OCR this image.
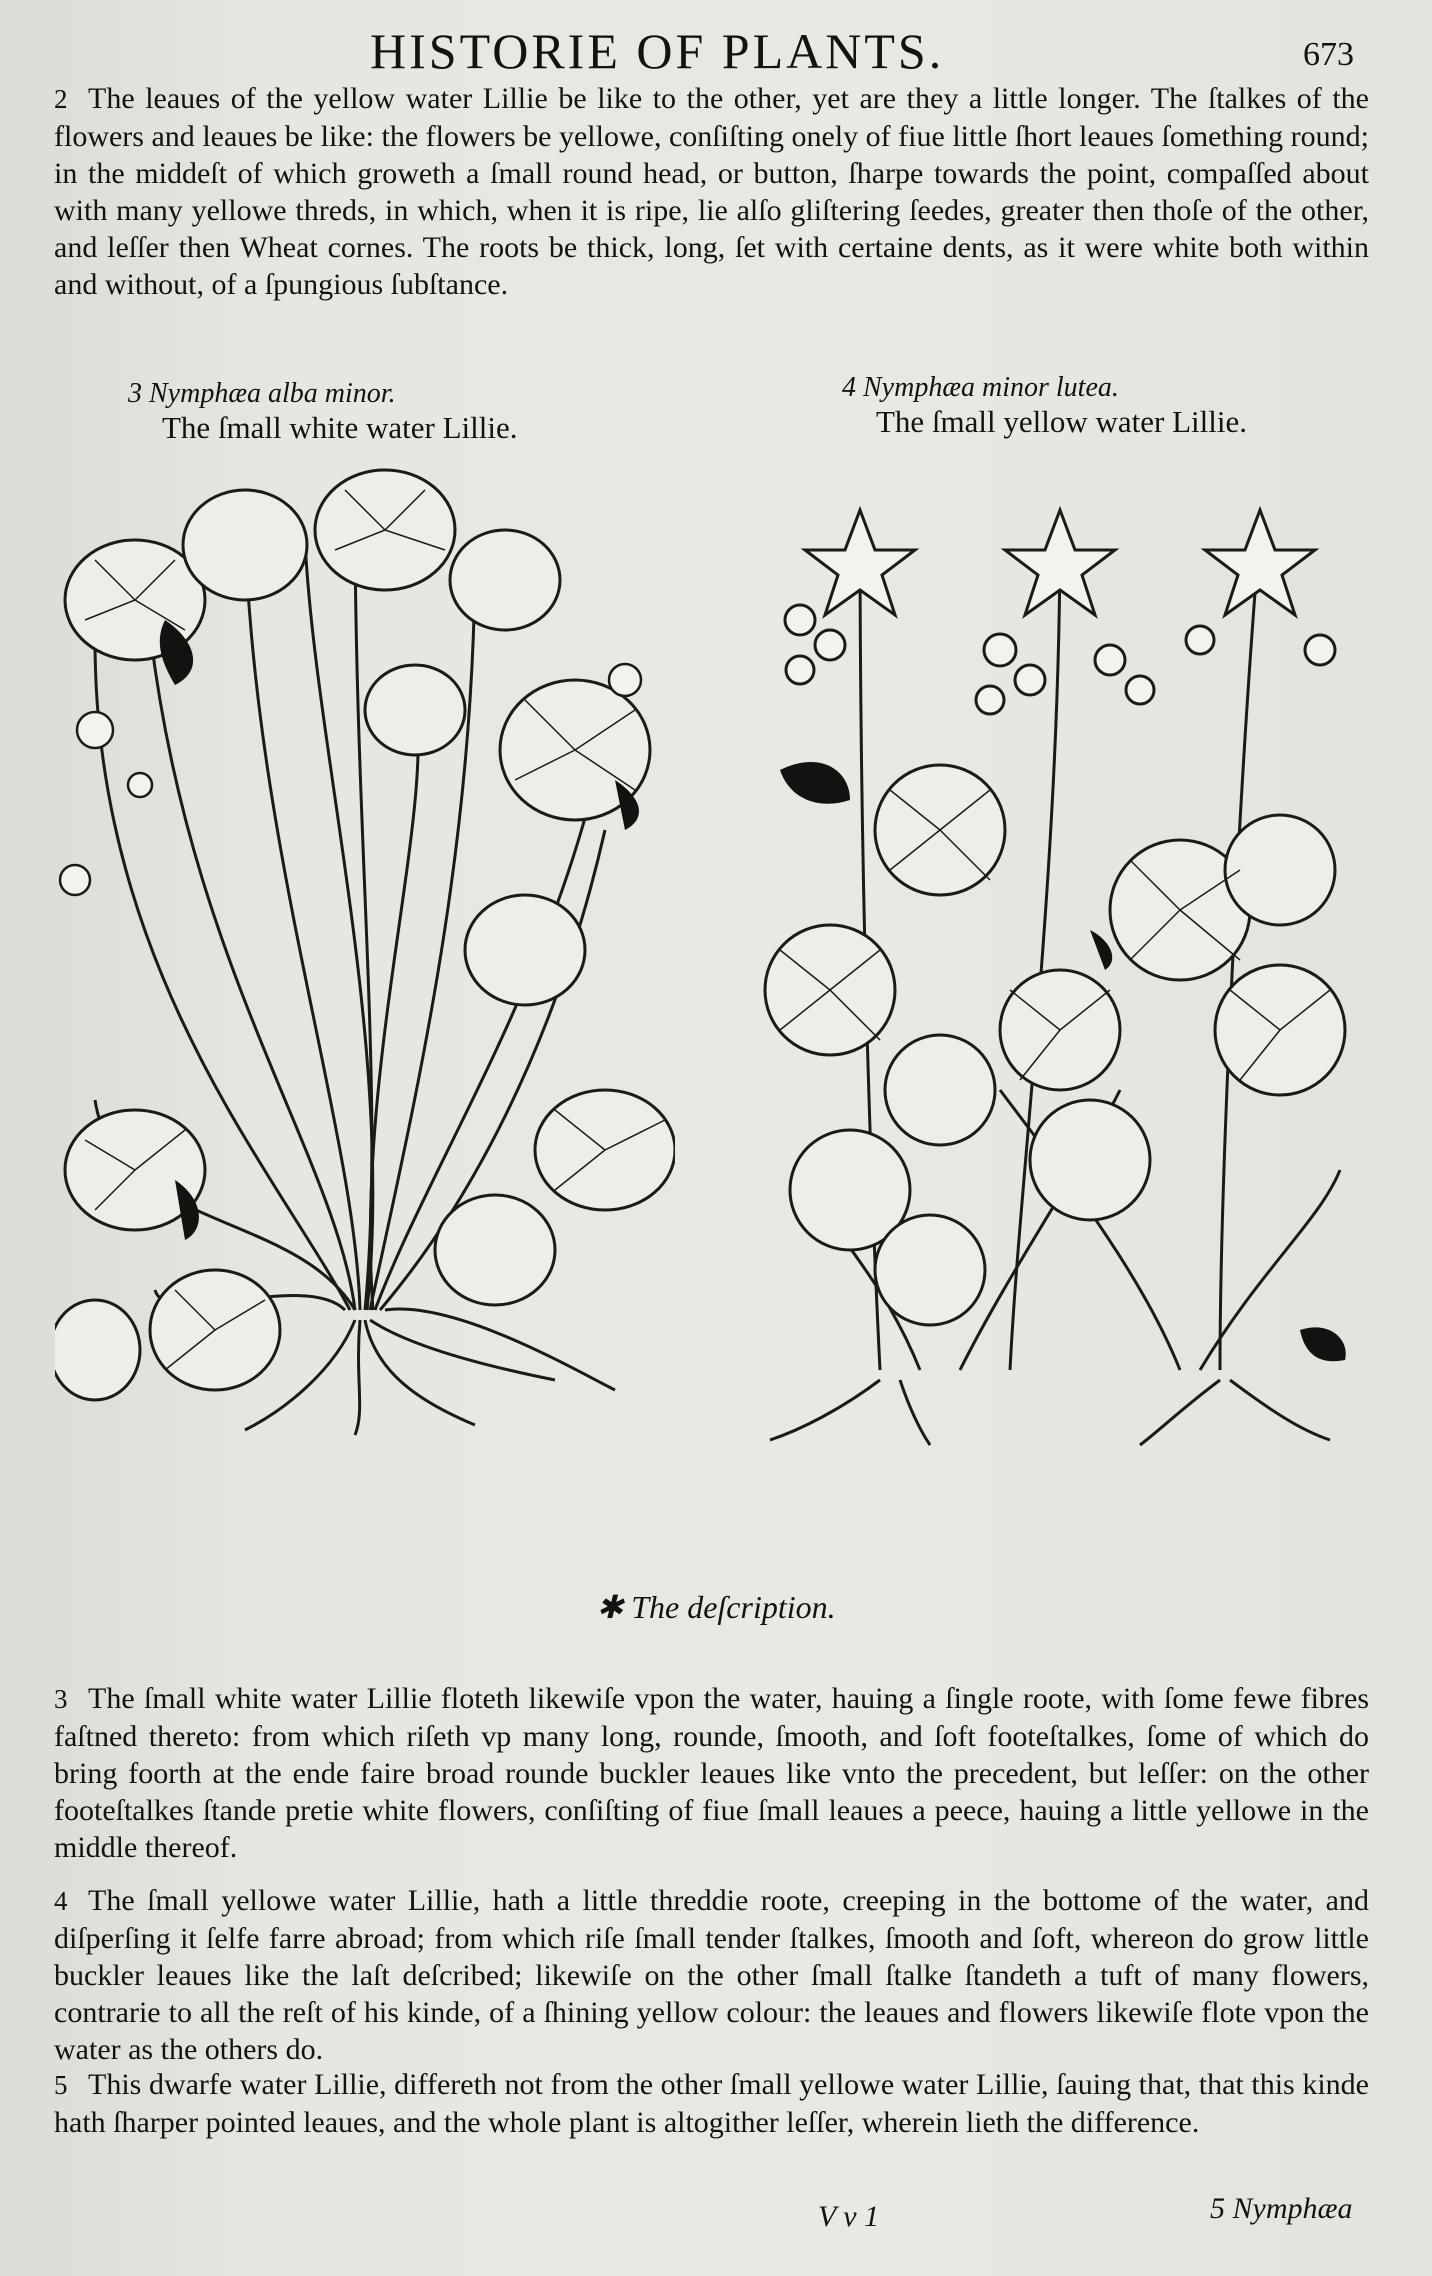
HISTORIE OF PLANTS.	673
2 The leaues of the yellow water Lillie be like to the other, yet are they a little longer. The ſtalkes of the flowers and leaues be like: the flowers be yellowe, conſiſting onely of fiue little ſhort leaues ſomething round; in the middeſt of which groweth a ſmall round head, or button, ſharpe towards the point, compaſſed about with many yellowe threds, in which, when it is ripe, lie alſo gliſtering ſeedes, greater then thoſe of the other, and leſſer then Wheat cornes. The roots be thick, long, ſet with certaine dents, as it were white both within and without, of a ſpungious ſubſtance.
3 Nymphæa alba minor.
The ſmall white water Lillie.
4 Nymphæa minor lutea.
The ſmall yellow water Lillie.
✱ The deſcription.
3 The ſmall white water Lillie floteth likewiſe vpon the water, hauing a ſingle roote, with ſome fewe fibres faſtned thereto: from which riſeth vp many long, rounde, ſmooth, and ſoft footeſtalkes, ſome of which do bring foorth at the ende faire broad rounde buckler leaues like vnto the precedent, but leſſer: on the other footeſtalkes ſtande pretie white flowers, conſiſting of fiue ſmall leaues a peece, hauing a little yellowe in the middle thereof.
4 The ſmall yellowe water Lillie, hath a little threddie roote, creeping in the bottome of the water, and diſperſing it ſelfe farre abroad; from which riſe ſmall tender ſtalkes, ſmooth and ſoft, whereon do grow little buckler leaues like the laſt deſcribed; likewiſe on the other ſmall ſtalke ſtandeth a tuft of many flowers, contrarie to all the reſt of his kinde, of a ſhining yellow colour: the leaues and flowers likewiſe flote vpon the water as the others do.
5 This dwarfe water Lillie, differeth not from the other ſmall yellowe water Lillie, ſauing that, that this kinde hath ſharper pointed leaues, and the whole plant is altogither leſſer, wherein lieth the difference.
V v 1	5 Nymphæa
